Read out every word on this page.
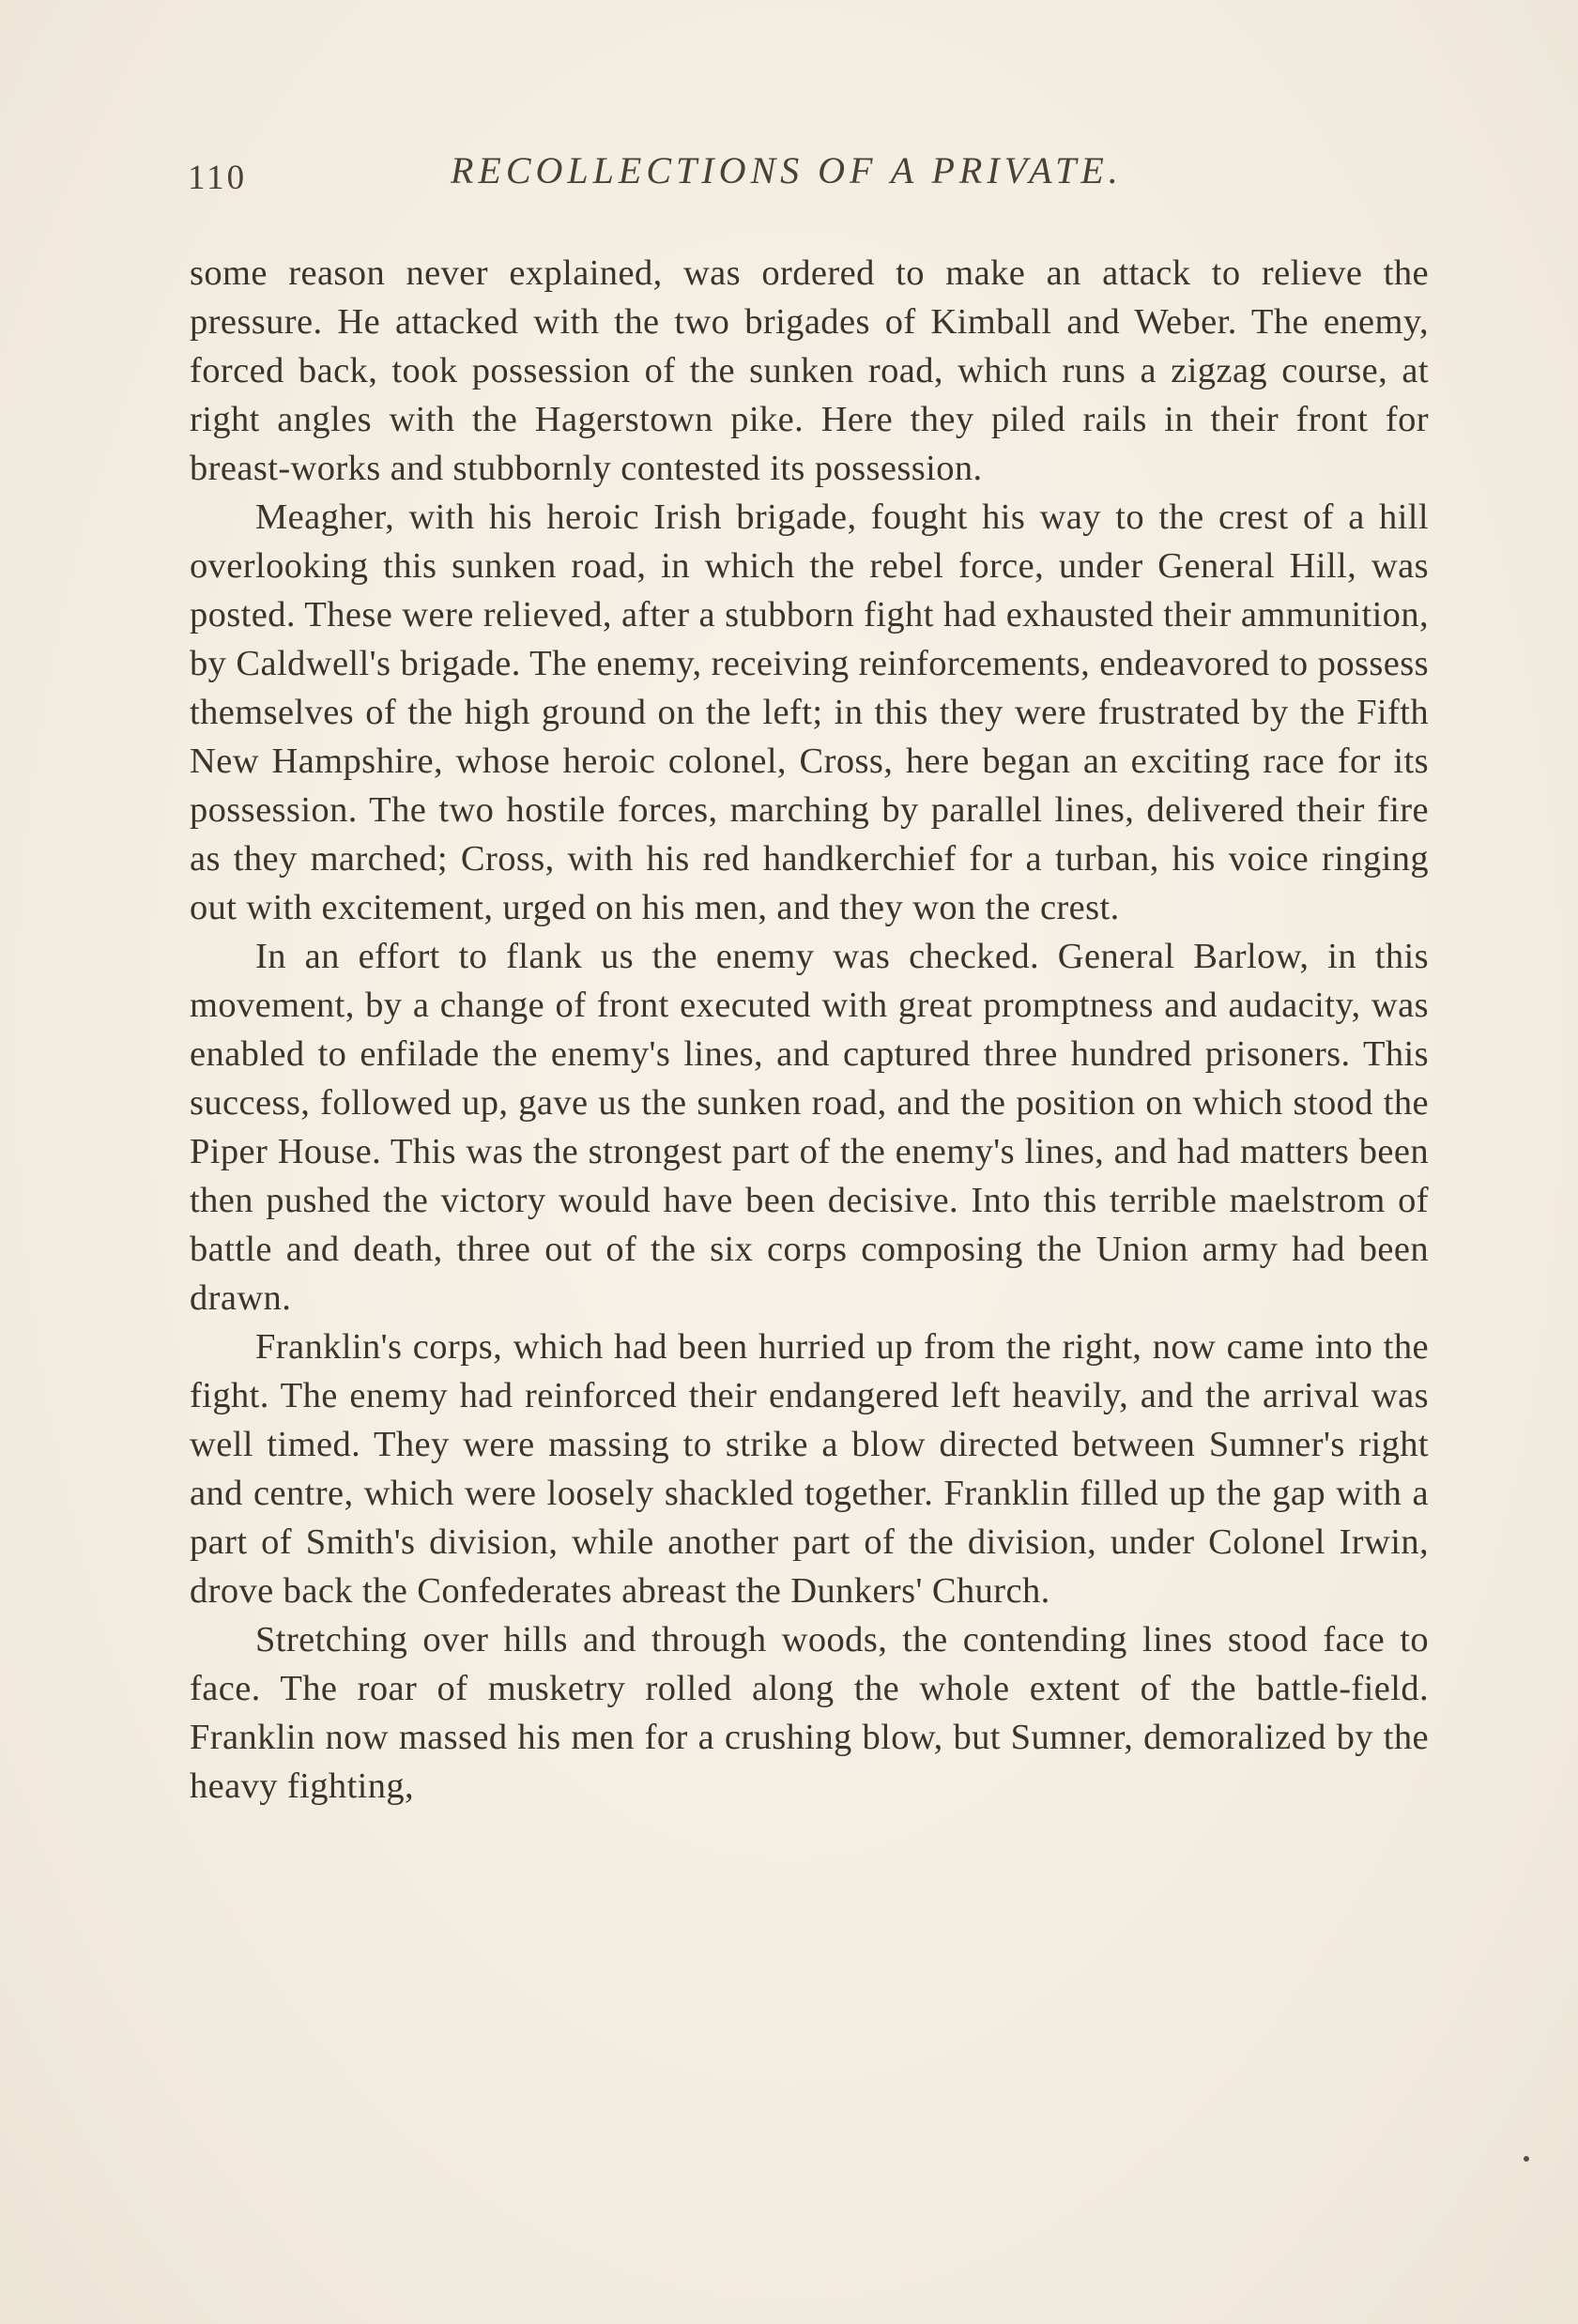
110	RECOLLECTIONS OF A PRIVATE.

some reason never explained, was ordered to make an attack to relieve the pressure. He attacked with the two brigades of Kimball and Weber. The enemy, forced back, took possession of the sunken road, which runs a zigzag course, at right angles with the Hagerstown pike. Here they piled rails in their front for breast-works and stubbornly contested its possession.

Meagher, with his heroic Irish brigade, fought his way to the crest of a hill overlooking this sunken road, in which the rebel force, under General Hill, was posted. These were relieved, after a stubborn fight had exhausted their ammunition, by Caldwell's brigade. The enemy, receiving reinforcements, endeavored to possess themselves of the high ground on the left; in this they were frustrated by the Fifth New Hampshire, whose heroic colonel, Cross, here began an exciting race for its possession. The two hostile forces, marching by parallel lines, delivered their fire as they marched; Cross, with his red handkerchief for a turban, his voice ringing out with excitement, urged on his men, and they won the crest.

In an effort to flank us the enemy was checked. General Barlow, in this movement, by a change of front executed with great promptness and audacity, was enabled to enfilade the enemy's lines, and captured three hundred prisoners. This success, followed up, gave us the sunken road, and the position on which stood the Piper House. This was the strongest part of the enemy's lines, and had matters been then pushed the victory would have been decisive. Into this terrible maelstrom of battle and death, three out of the six corps composing the Union army had been drawn.

Franklin's corps, which had been hurried up from the right, now came into the fight. The enemy had reinforced their endangered left heavily, and the arrival was well timed. They were massing to strike a blow directed between Sumner's right and centre, which were loosely shackled together. Franklin filled up the gap with a part of Smith's division, while another part of the division, under Colonel Irwin, drove back the Confederates abreast the Dunkers' Church.

Stretching over hills and through woods, the contending lines stood face to face. The roar of musketry rolled along the whole extent of the battle-field. Franklin now massed his men for a crushing blow, but Sumner, demoralized by the heavy fighting,
